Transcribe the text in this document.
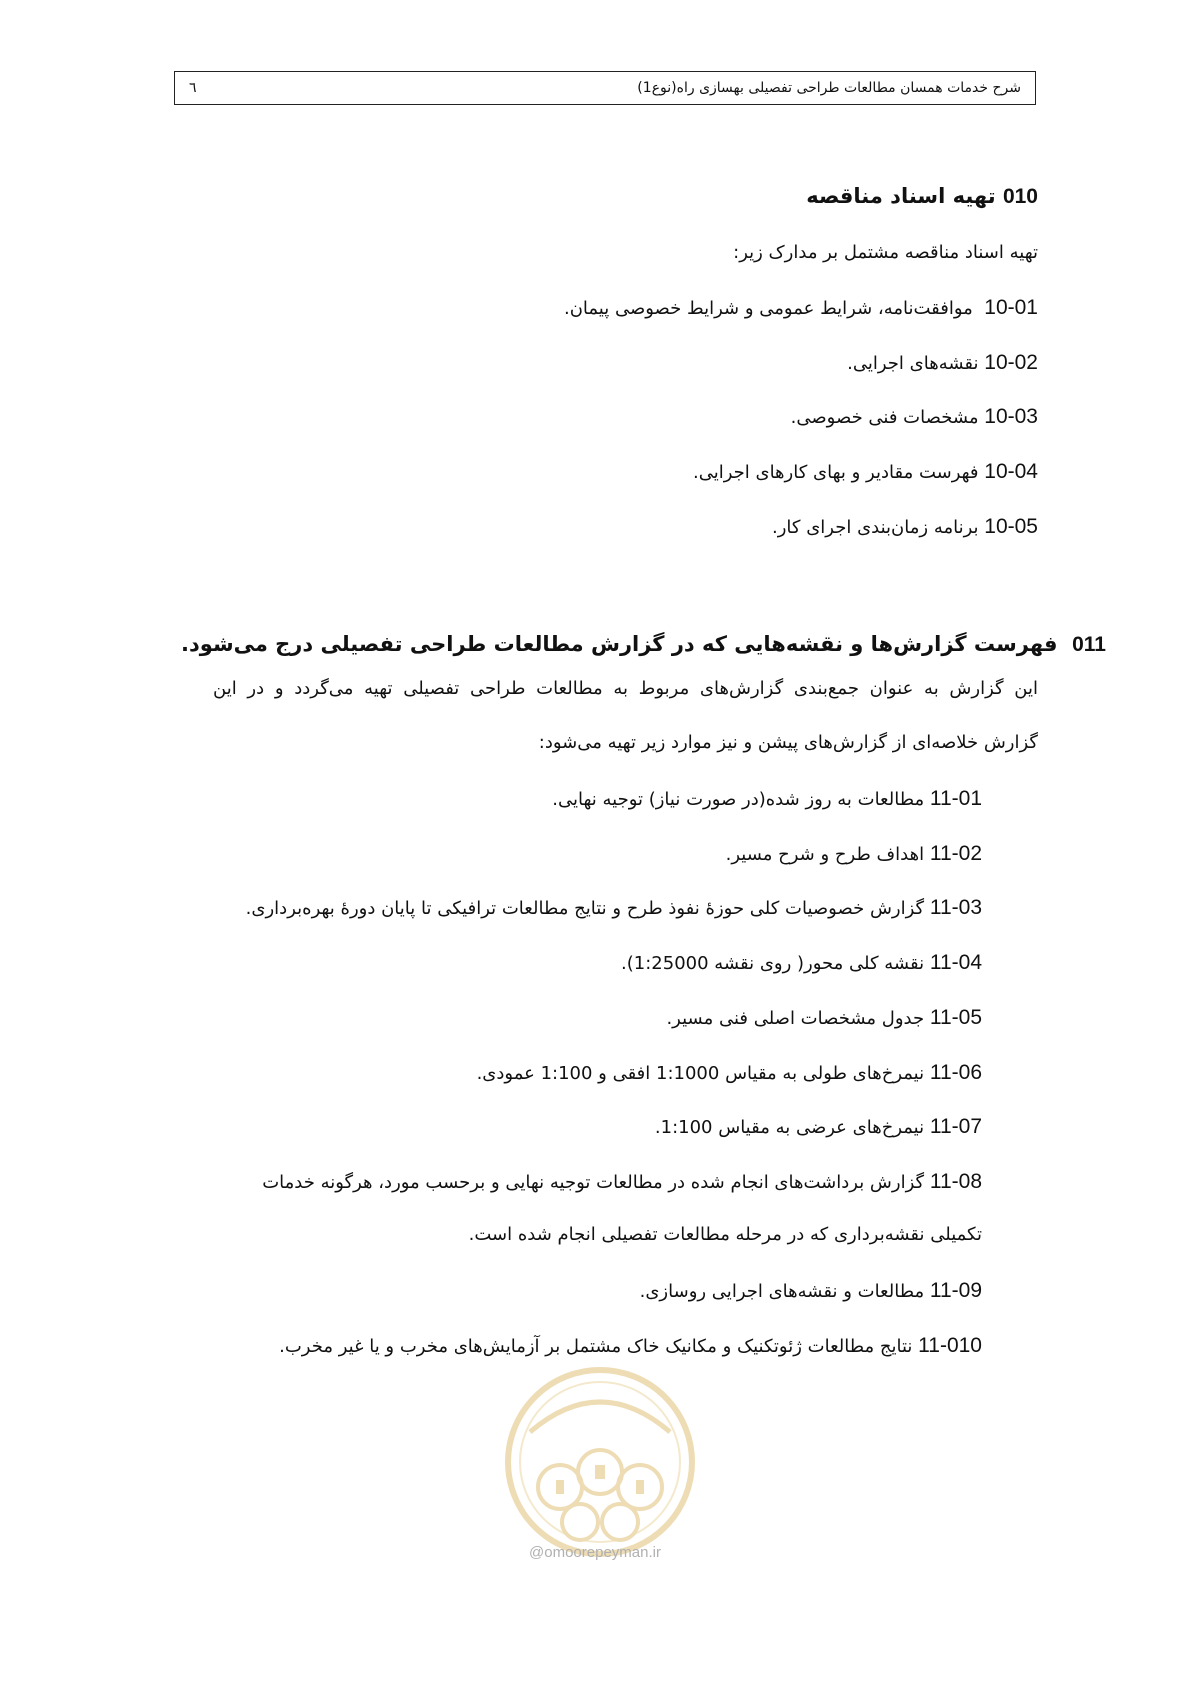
شرح خدمات همسان مطالعات طراحی تفصیلی بهسازی راه(نوع1)
٦
010 تهیه اسناد مناقصه
تهیه اسناد مناقصه مشتمل بر مدارک زیر:
10-01  موافقت‌نامه، شرایط عمومی و شرایط خصوصی پیمان.
10-02 نقشه‌های اجرایی.
10-03 مشخصات فنی خصوصی.
10-04 فهرست مقادیر و بهای کارهای اجرایی.
10-05 برنامه زمان‌بندی اجرای کار.
011  فهرست گزارش‌ها و نقشه‌هایی که در گزارش مطالعات طراحی تفصیلی درج می‌شود.
این گزارش به عنوان جمع‌بندی گزارش‌های مربوط به مطالعات طراحی تفصیلی تهیه می‌گردد و در این
گزارش خلاصه‌ای از گزارش‌های پیشن و نیز موارد زیر تهیه می‌شود:
11-01 مطالعات به روز شده(در صورت نیاز) توجیه نهایی.
11-02 اهداف طرح و شرح مسیر.
11-03 گزارش خصوصیات کلی حوزهٔ نفوذ طرح و نتایج مطالعات ترافیکی تا پایان دورهٔ بهره‌برداری.
11-04 نقشه کلی محور( روی نقشه 1:25000).
11-05 جدول مشخصات اصلی فنی مسیر.
11-06 نیمرخ‌های طولی به مقیاس 1:1000 افقی و 1:100 عمودی.
11-07 نیمرخ‌های عرضی به مقیاس 1:100.
11-08 گزارش برداشت‌های انجام شده در مطالعات توجیه نهایی و برحسب مورد، هرگونه خدمات
تکمیلی نقشه‌برداری که در مرحله مطالعات تفصیلی انجام شده است.
11-09 مطالعات و نقشه‌های اجرایی روسازی.
11-010 نتایج مطالعات ژئوتکنیک و مکانیک خاک مشتمل بر آزمایش‌های مخرب و یا غیر مخرب.
@omoorepeyman.ir
